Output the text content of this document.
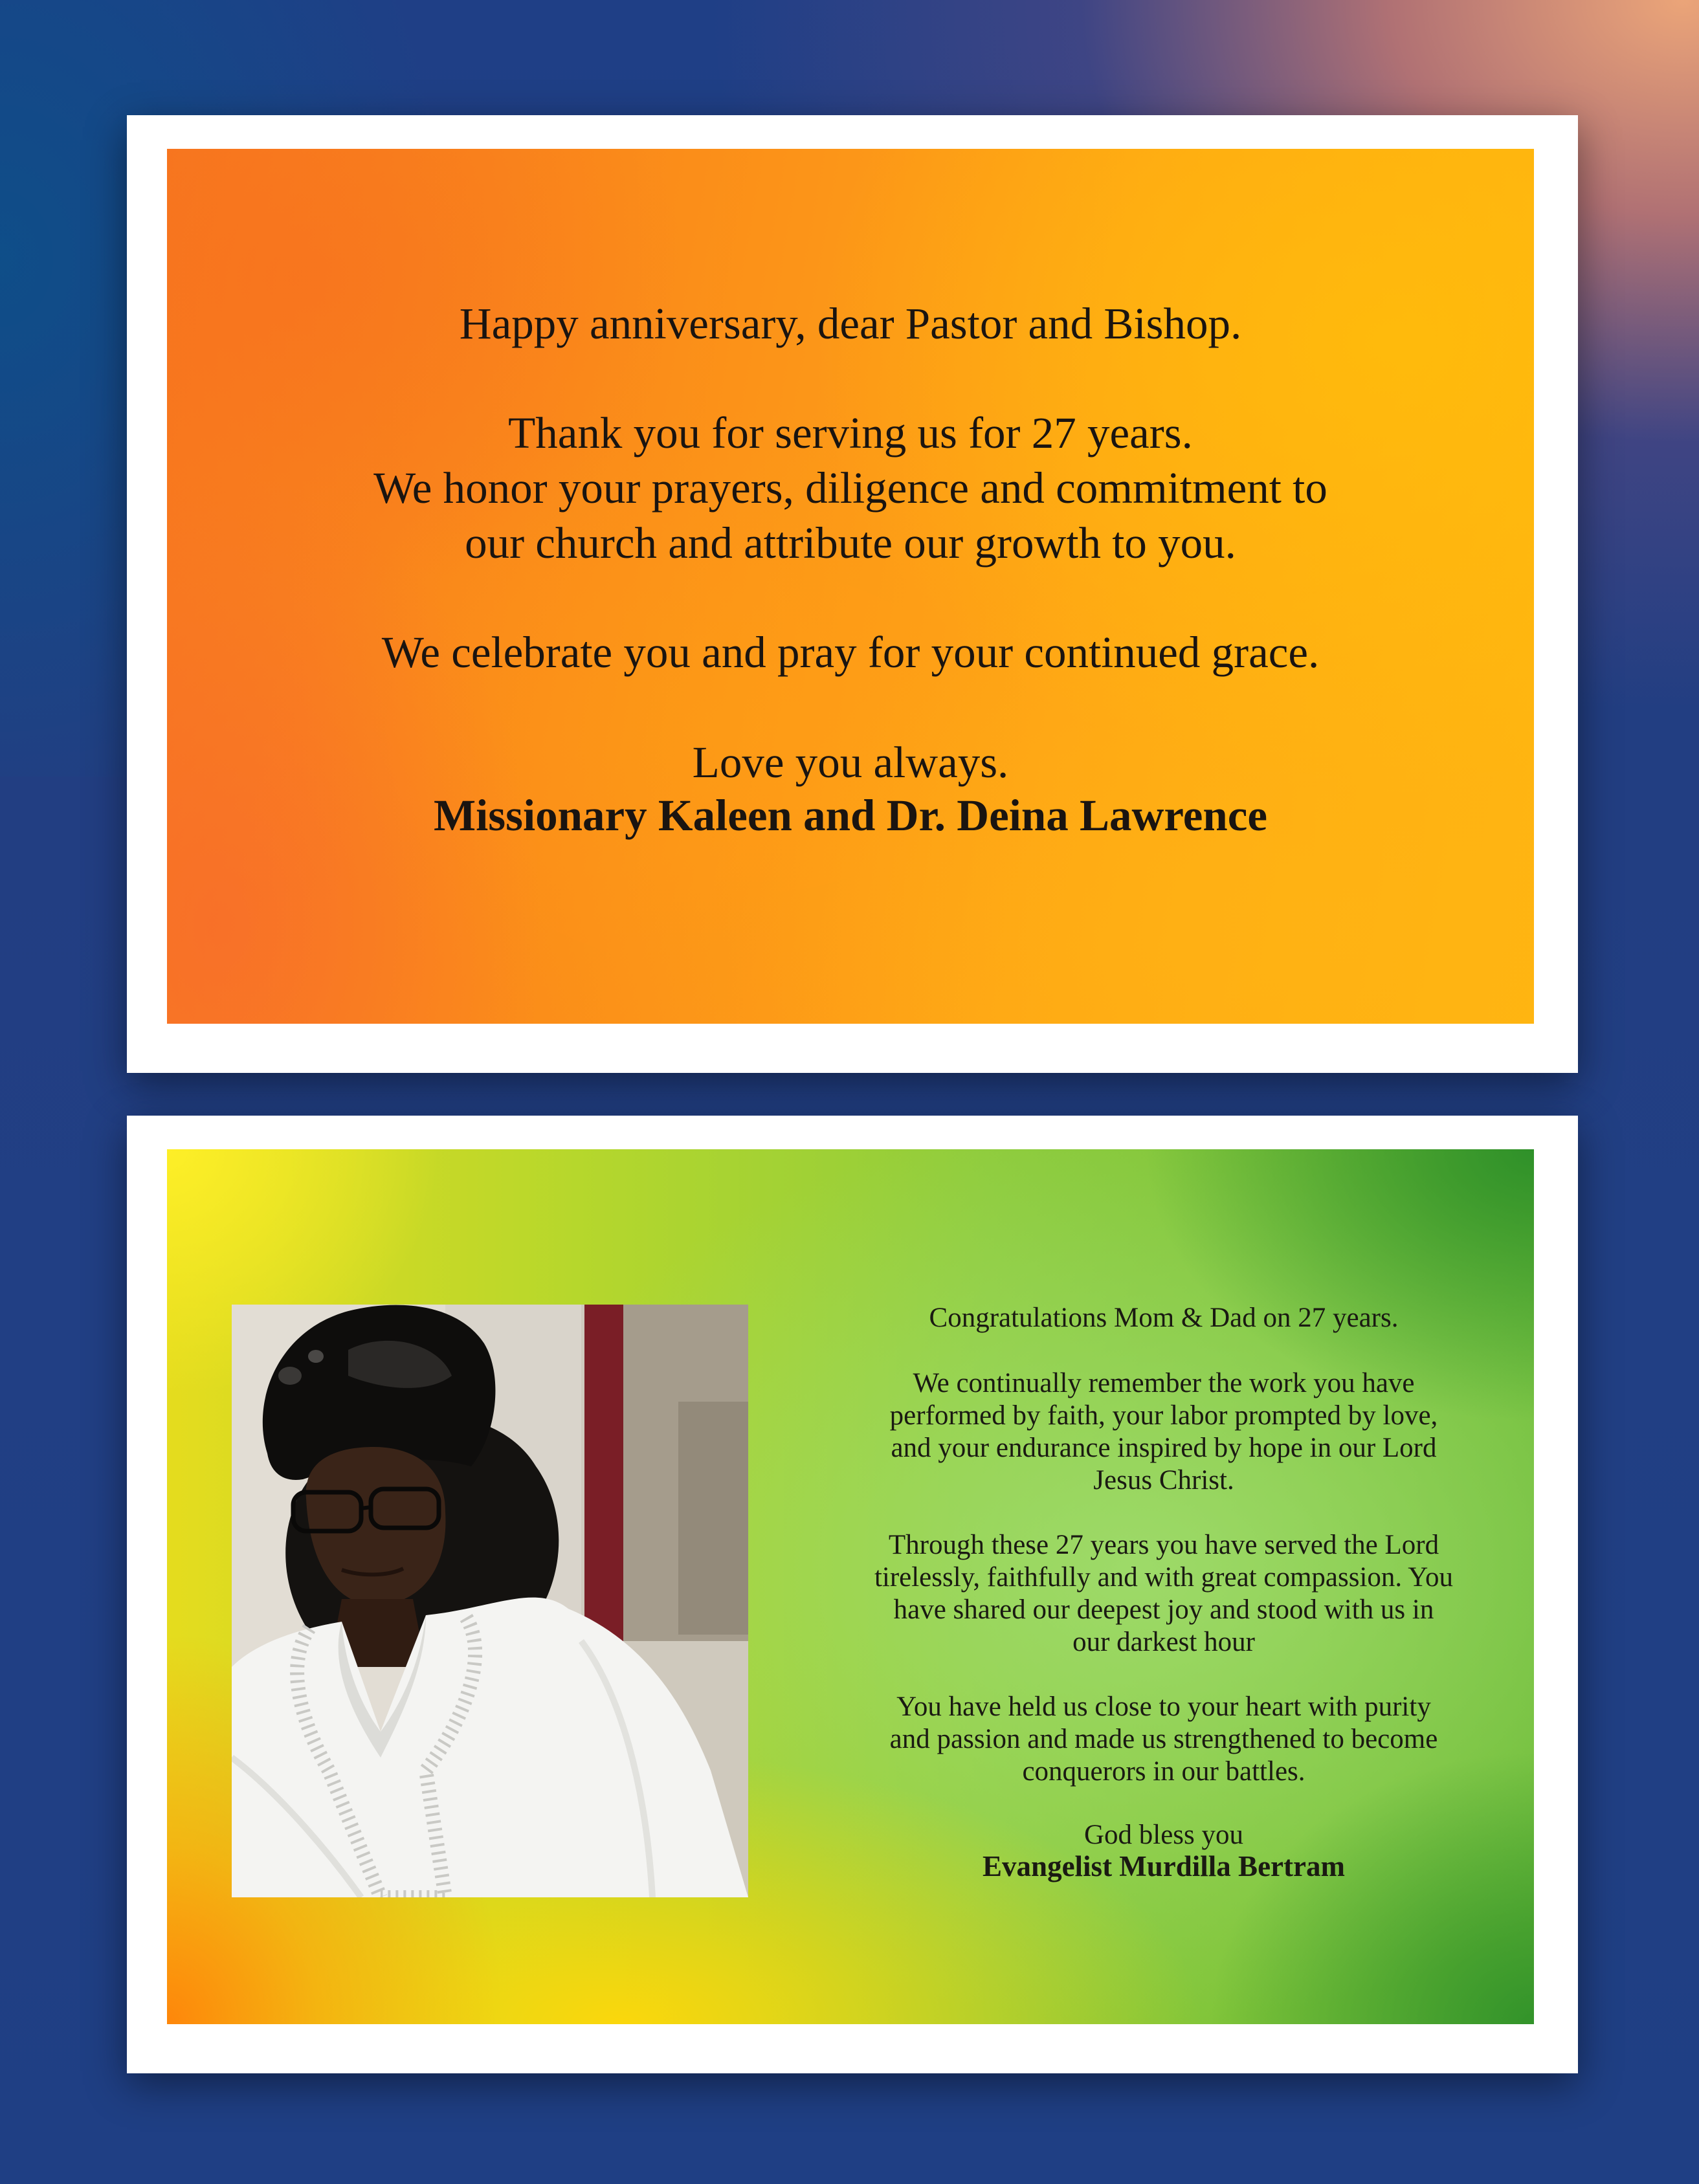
Happy anniversary, dear Pastor and Bishop.
Thank you for serving us for 27 years.
We honor your prayers, diligence and commitment to
our church and attribute our growth to you.
We celebrate you and pray for your continued grace.
Love you always.
Missionary Kaleen and Dr. Deina Lawrence
Congratulations Mom & Dad on 27 years.
We continually remember the work you have
performed by faith, your labor prompted by love,
and your endurance inspired by hope in our Lord
Jesus Christ.
Through these 27 years you have served the Lord
tirelessly, faithfully and with great compassion. You
have shared our deepest joy and stood with us in
our darkest hour
You have held us close to your heart with purity
and passion and made us strengthened to become
conquerors in our battles.
God bless you
Evangelist Murdilla Bertram
